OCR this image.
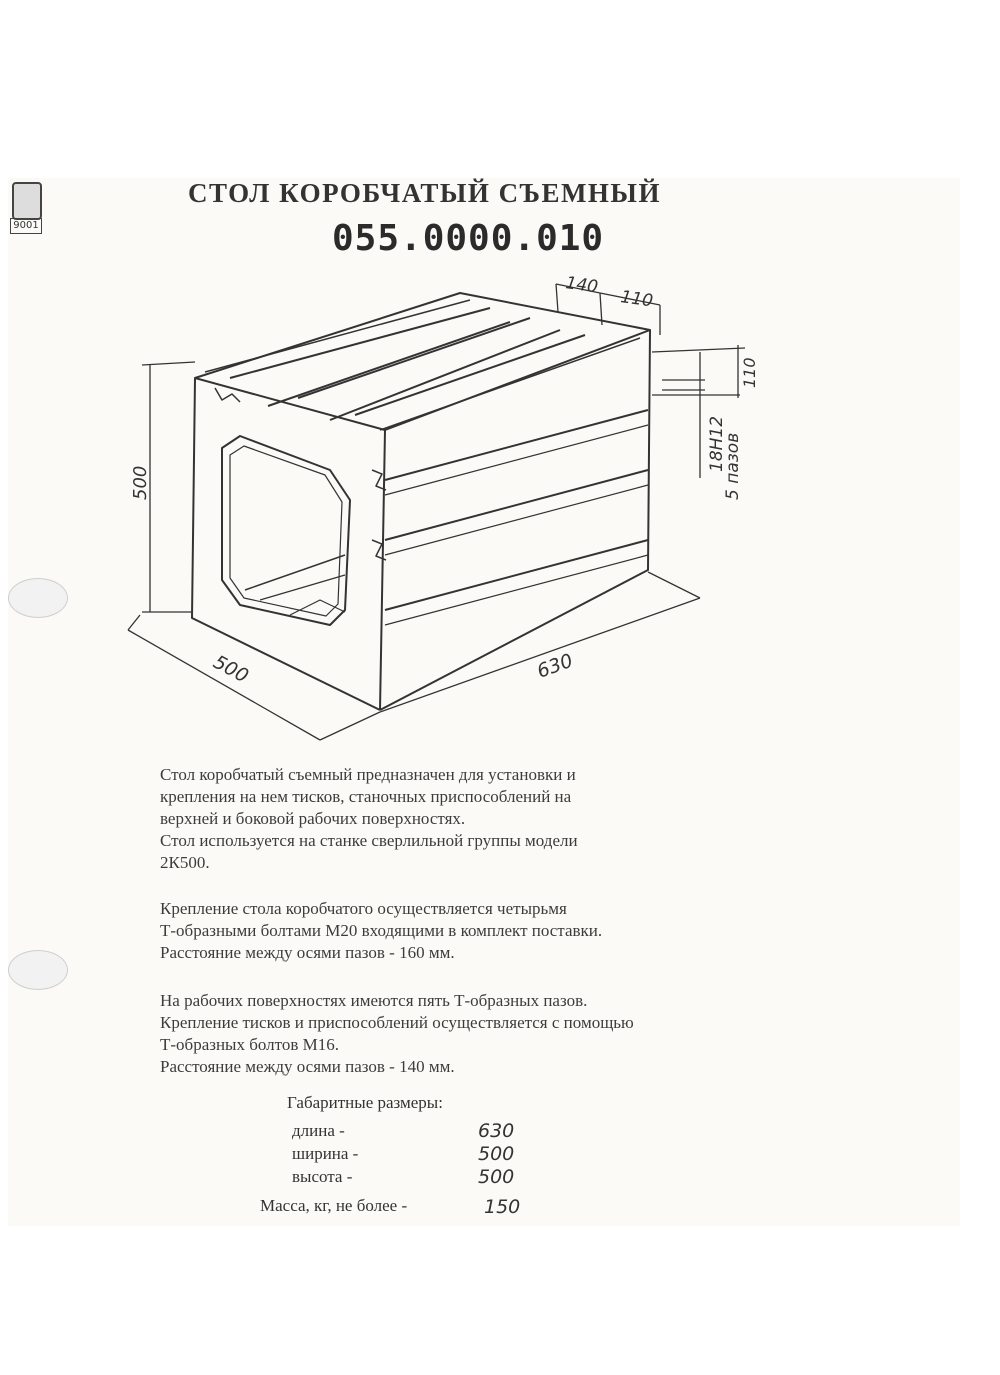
9001
СТОЛ КОРОБЧАТЫЙ СЪЕМНЫЙ
055.0000.010
140
110
110
18Н12
5 пазов
500
500	630

Стол коробчатый съемный предназначен для установки и
крепления на нем тисков, станочных приспособлений на
верхней и боковой рабочих поверхностях.
Стол используется на станке сверлильной группы модели
2К500.

Крепление стола коробчатого осуществляется четырьмя
Т-образными болтами М20 входящими в комплект поставки.
Расстояние между осями пазов - 160 мм.

На рабочих поверхностях имеются пять Т-образных пазов.
Крепление тисков и приспособлений осуществляется с помощью
Т-образных болтов М16.
Расстояние между осями пазов - 140 мм.

Габаритные размеры:
длина -	630
ширина -	500
высота -	500
Масса, кг, не более -	150
